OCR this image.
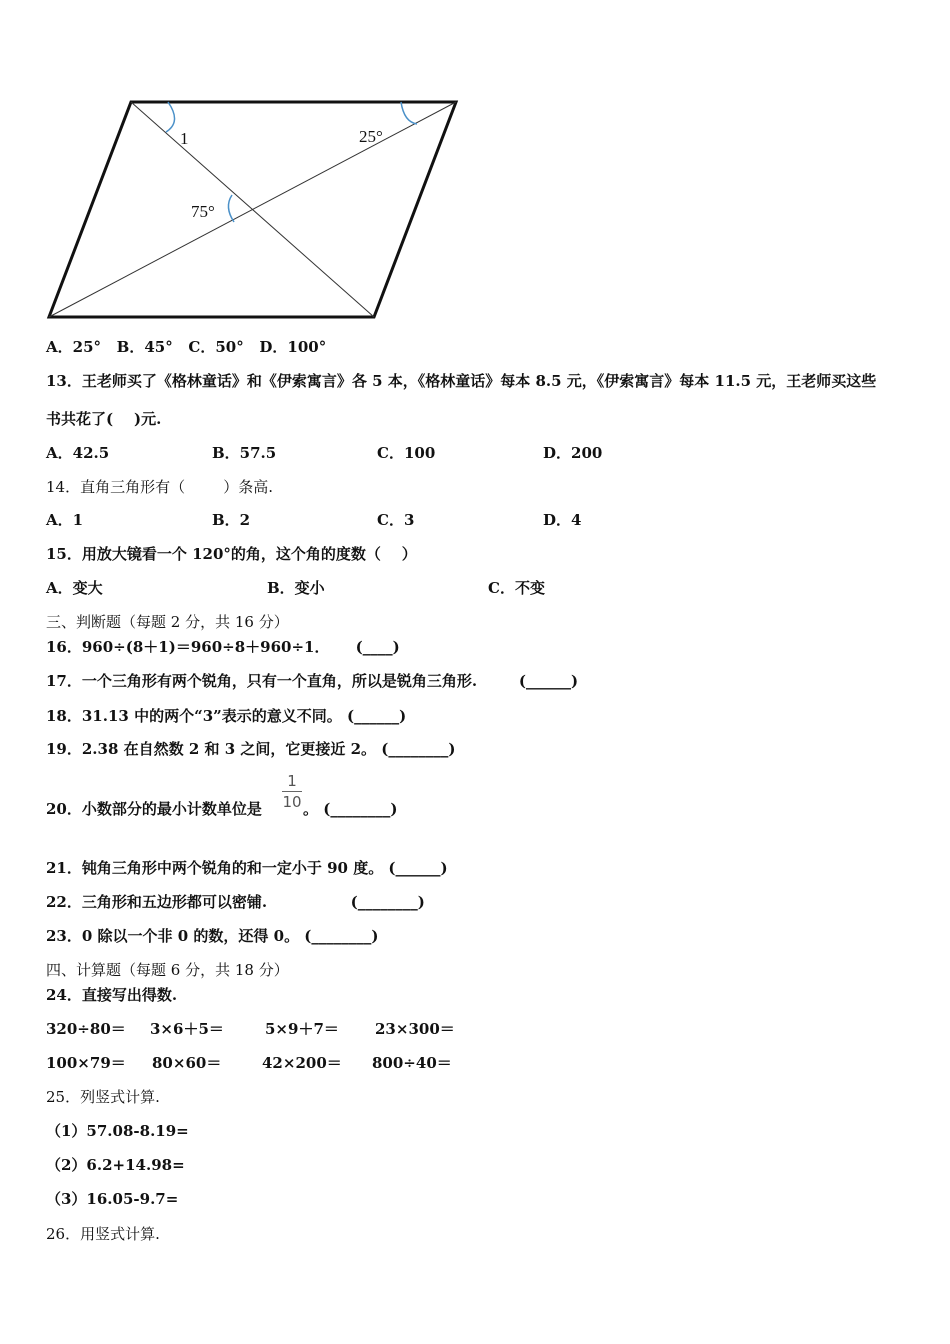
1	25°
75°
A．25°   B．45°   C．50°   D．100°
13．王老师买了《格林童话》和《伊索寓言》各 5 本，《格林童话》每本 8.5 元，《伊索寓言》每本 11.5 元，王老师买这些
书共花了(    )元.
A．42.5	B．57.5	C．100	D．200
14．直角三角形有（        ）条高.
A．1	B．2	C．3	D．4
15．用放大镜看一个 120°的角，这个角的度数（    ）
A．变大	B．变小	C．不变
三、判断题（每题 2 分，共 16 分）
16．960÷(8＋1)＝960÷8＋960÷1．     (____)
17．一个三角形有两个锐角，只有一个直角，所以是锐角三角形.        (______)
18．31.13 中的两个“3”表示的意义不同。 (______)
19．2.38 在自然数 2 和 3 之间，它更接近 2。 (________)
20．小数部分的最小计数单位是
1
10 。 (________)
21．钝角三角形中两个锐角的和一定小于 90 度。 (______)
22．三角形和五边形都可以密铺.                (________)
23．0 除以一个非 0 的数，还得 0。 (________)
四、计算题（每题 6 分，共 18 分）
24．直接写出得数.
320÷80＝ 3×6＋5＝	5×9＋7＝ 23×300＝
100×79＝ 80×60＝	42×200＝ 800÷40＝
25．列竖式计算.
（1）57.08-8.19=
（2）6.2+14.98=
（3）16.05-9.7=
26．用竖式计算.
